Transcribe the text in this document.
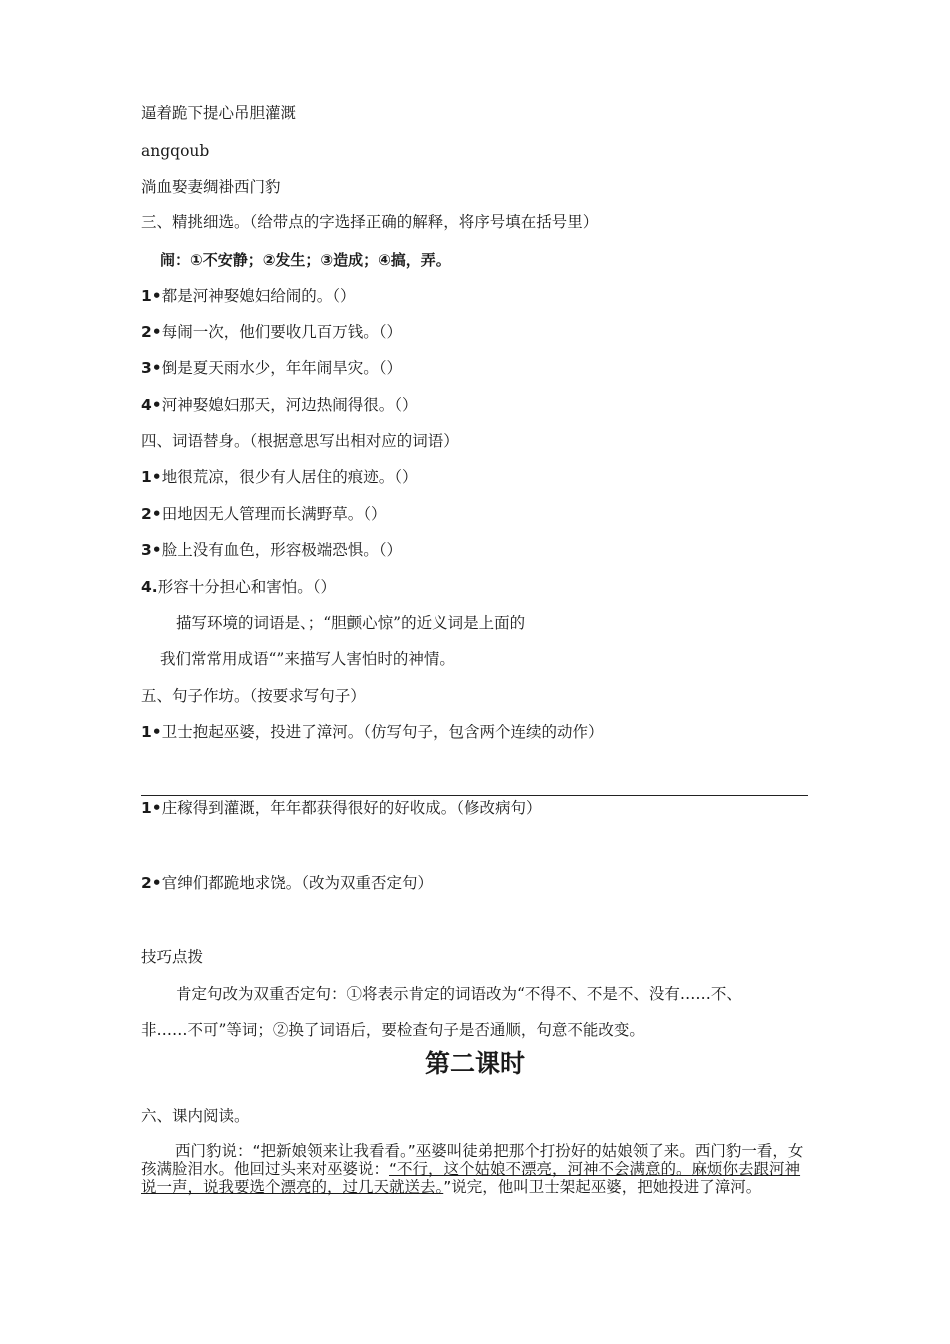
逼着跪下提心吊胆灌溉
angqoub
淌血娶妻绸褂西门豹
三、精挑细选。（给带点的字选择正确的解释，将序号填在括号里）
闹：①不安静；②发生；③造成；④搞，弄。
1•都是河神娶媳妇给闹的。（）
2•每闹一次，他们要收几百万钱。（）
3•倒是夏天雨水少，年年闹旱灾。（）
4•河神娶媳妇那天，河边热闹得很。（）
四、词语替身。（根据意思写出相对应的词语）
1•地很荒凉，很少有人居住的痕迹。（）
2•田地因无人管理而长满野草。（）
3•脸上没有血色，形容极端恐惧。（）
4.形容十分担心和害怕。（）
描写环境的词语是、；“胆颤心惊”的近义词是上面的
我们常常用成语“”来描写人害怕时的神情。
五、句子作坊。（按要求写句子）
1•卫士抱起巫婆，投进了漳河。（仿写句子，包含两个连续的动作）
1•庄稼得到灌溉，年年都获得很好的好收成。（修改病句）
2•官绅们都跪地求饶。（改为双重否定句）
技巧点拨
肯定句改为双重否定句：①将表示肯定的词语改为“不得不、不是不、没有……不、
非……不可”等词；②换了词语后，要检查句子是否通顺，句意不能改变。
第二课时
六、课内阅读。
西门豹说：“把新娘领来让我看看。”巫婆叫徒弟把那个打扮好的姑娘领了来。西门豹一看，女孩满脸泪水。他回过头来对巫婆说：“不行，这个姑娘不漂亮，河神不会满意的。麻烦你去跟河神说一声，说我要选个漂亮的，过几天就送去。”说完，他叫卫士架起巫婆，把她投进了漳河。
